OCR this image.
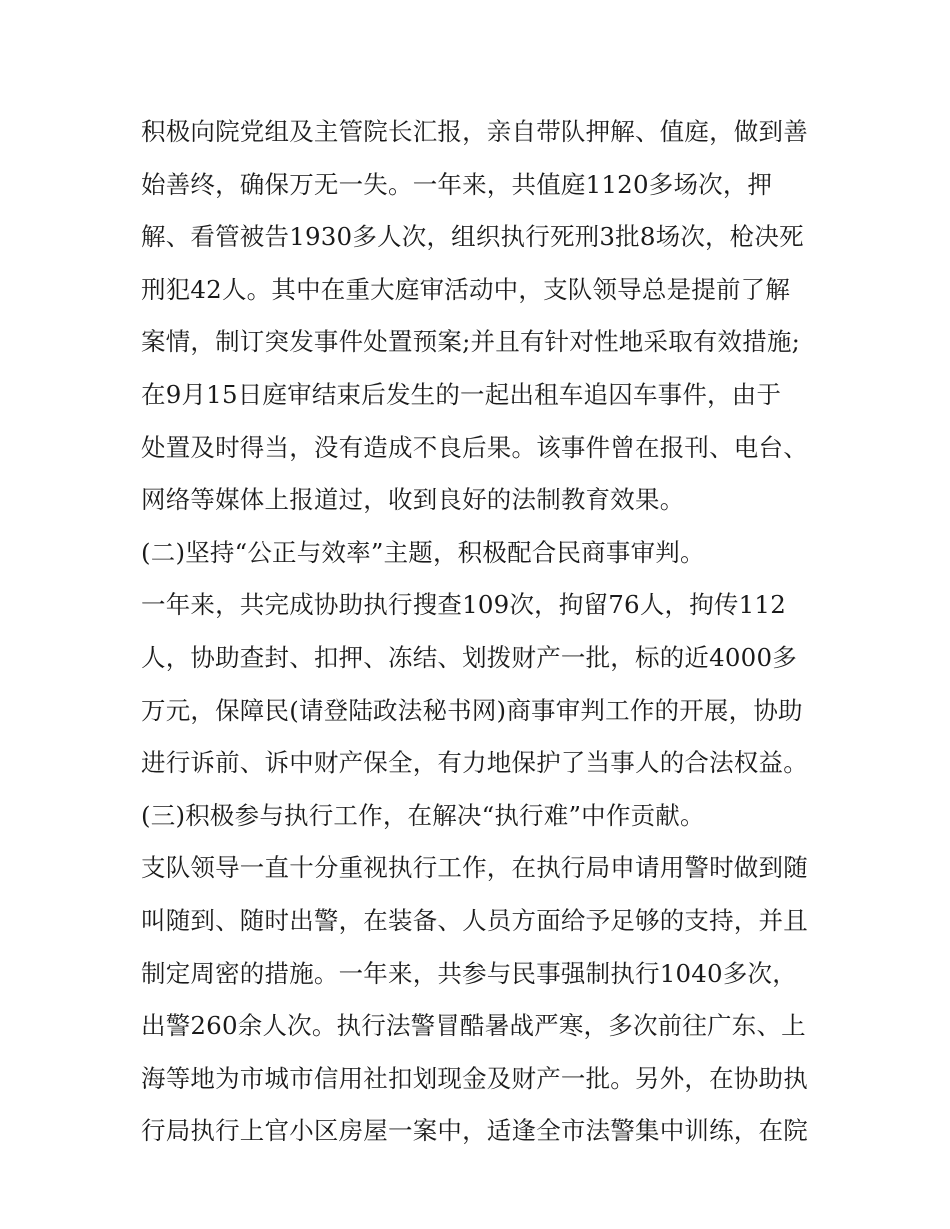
积极向院党组及主管院长汇报，亲自带队押解、值庭，做到善
始善终，确保万无一失。一年来，共值庭1120多场次，押
解、看管被告1930多人次，组织执行死刑3批8场次，枪决死
刑犯42人。其中在重大庭审活动中，支队领导总是提前了解
案情，制订突发事件处置预案;并且有针对性地采取有效措施;
在9月15日庭审结束后发生的一起出租车追囚车事件，由于
处置及时得当，没有造成不良后果。该事件曾在报刊、电台、
网络等媒体上报道过，收到良好的法制教育效果。
(二)坚持“公正与效率”主题，积极配合民商事审判。
一年来，共完成协助执行搜查109次，拘留76人，拘传112
人，协助查封、扣押、冻结、划拨财产一批，标的近4000多
万元，保障民(请登陆政法秘书网)商事审判工作的开展，协助
进行诉前、诉中财产保全，有力地保护了当事人的合法权益。
(三)积极参与执行工作，在解决“执行难”中作贡献。
支队领导一直十分重视执行工作，在执行局申请用警时做到随
叫随到、随时出警，在装备、人员方面给予足够的支持，并且
制定周密的措施。一年来，共参与民事强制执行1040多次，
出警260余人次。执行法警冒酷暑战严寒，多次前往广东、上
海等地为市城市信用社扣划现金及财产一批。另外，在协助执
行局执行上官小区房屋一案中，适逢全市法警集中训练，在院
